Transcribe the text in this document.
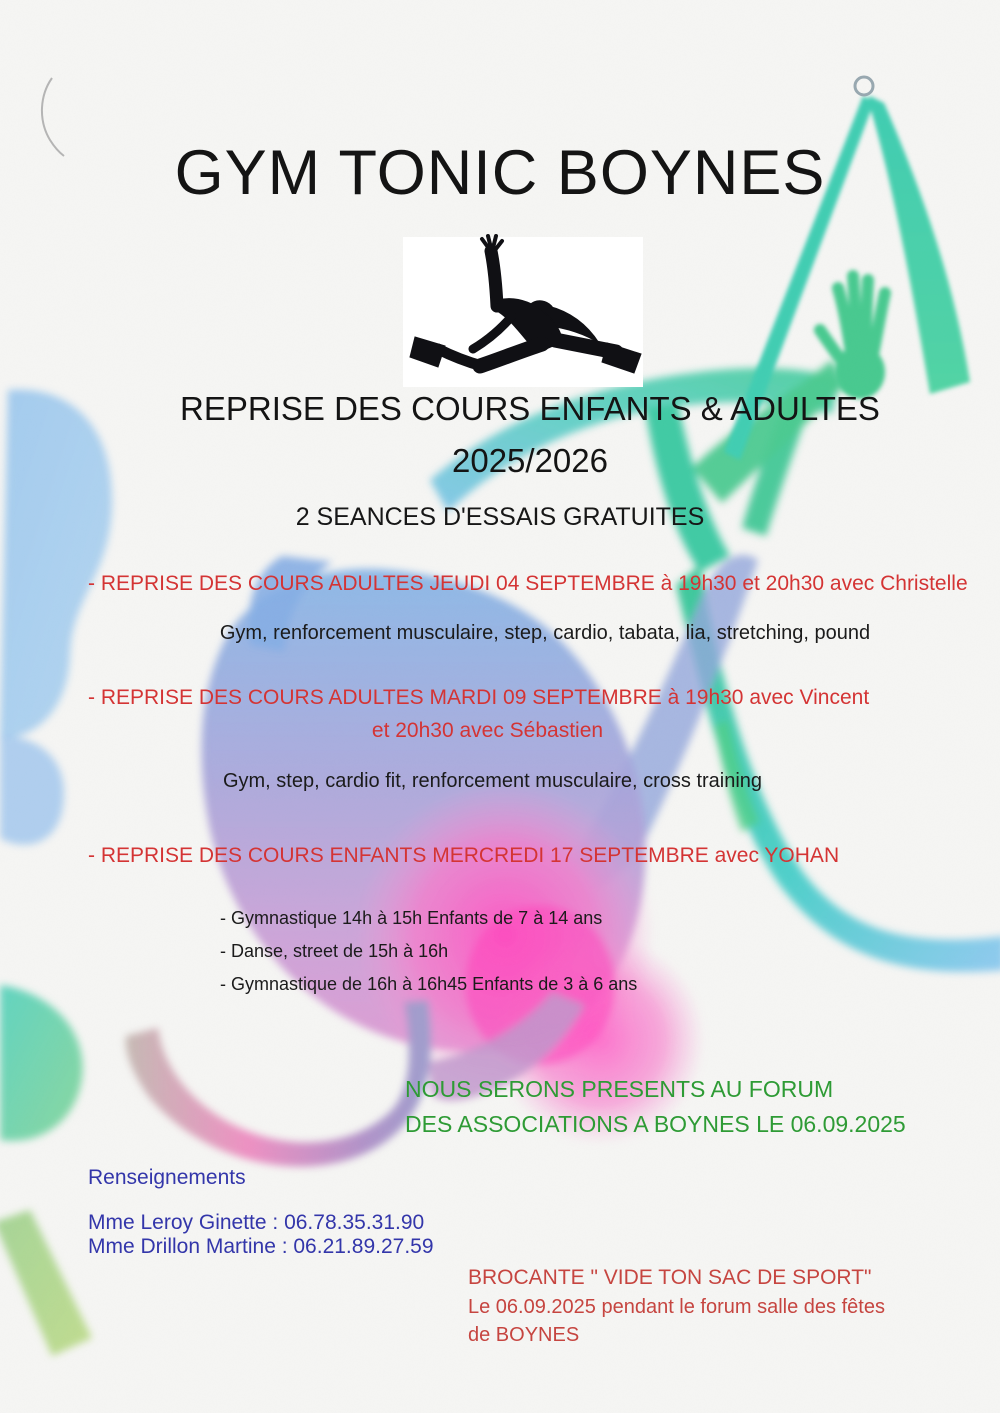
GYM TONIC BOYNES
REPRISE DES COURS ENFANTS & ADULTES
2025/2026
2 SEANCES D'ESSAIS GRATUITES
- REPRISE DES COURS ADULTES JEUDI 04 SEPTEMBRE à 19h30 et 20h30 avec Christelle
Gym, renforcement musculaire, step, cardio, tabata, lia, stretching, pound
- REPRISE DES COURS ADULTES MARDI 09 SEPTEMBRE à 19h30 avec Vincent
et 20h30 avec Sébastien
Gym, step, cardio fit, renforcement musculaire, cross training
- REPRISE DES COURS ENFANTS MERCREDI 17 SEPTEMBRE avec YOHAN
- Gymnastique 14h à 15h Enfants de 7 à 14 ans
- Danse, street de 15h à 16h
- Gymnastique de 16h à 16h45 Enfants de 3 à 6 ans
NOUS SERONS PRESENTS AU FORUM
DES ASSOCIATIONS A BOYNES LE 06.09.2025
Renseignements
Mme Leroy Ginette : 06.78.35.31.90
Mme Drillon Martine : 06.21.89.27.59
BROCANTE " VIDE TON SAC DE SPORT"
Le 06.09.2025 pendant le forum salle des fêtes
de BOYNES
